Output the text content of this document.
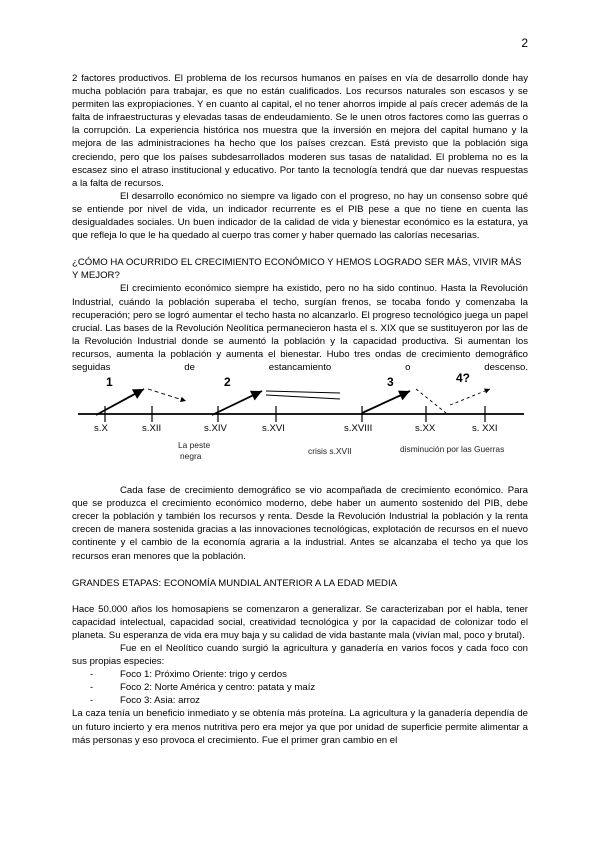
2

2 factores productivos. El problema de los recursos humanos en países en vía de desarrollo donde hay mucha población para trabajar, es que no están cualificados. Los recursos naturales son escasos y se permiten las expropiaciones. Y en cuanto al capital, el no tener ahorros impide al país crecer además de la falta de infraestructuras y elevadas tasas de endeudamiento. Se le unen otros factores como las guerras o la corrupción. La experiencia histórica nos muestra que la inversión en mejora del capital humano y la mejora de las administraciones ha hecho que los países crezcan. Está previsto que la población siga creciendo, pero que los países subdesarrollados moderen sus tasas de natalidad. El problema no es la escasez sino el atraso institucional y educativo. Por tanto la tecnología tendrá que dar nuevas respuestas a la falta de recursos.

El desarrollo económico no siempre va ligado con el progreso, no hay un consenso sobre qué se entiende por nivel de vida, un indicador recurrente es el PIB pese a que no tiene en cuenta las desigualdades sociales. Un buen indicador de la calidad de vida y bienestar económico es la estatura, ya que refleja lo que le ha quedado al cuerpo tras comer y haber quemado las calorías necesarias.

¿CÓMO HA OCURRIDO EL CRECIMIENTO ECONÓMICO Y HEMOS LOGRADO SER MÁS, VIVIR MÁS Y MEJOR?

El crecimiento económico siempre ha existido, pero no ha sido continuo. Hasta la Revolución Industrial, cuándo la población superaba el techo, surgían frenos, se tocaba fondo y comenzaba la recuperación; pero se logró aumentar el techo hasta no alcanzarlo. El progreso tecnológico juega un papel crucial. Las bases de la Revolución Neolítica permanecieron hasta el s. XIX que se sustituyeron por las de la Revolución Industrial donde se aumentó la población y la capacidad productiva. Si aumentan los recursos, aumenta la población y aumenta el bienestar. Hubo tres ondas de crecimiento demográfico seguidas de estancamiento o descenso.

1	2	3	4?
s.X	s.XII	s.XIV	s.XVI	s.XVIII	s.XX	s. XXI
La peste
negra	crisis s.XVII	disminución por las Guerras

Cada fase de crecimiento demográfico se vio acompañada de crecimiento económico. Para que se produzca el crecimiento económico moderno, debe haber un aumento sostenido del PIB, debe crecer la población y también los recursos y renta. Desde la Revolución Industrial la población y la renta crecen de manera sostenida gracias a las innovaciones tecnológicas, explotación de recursos en el nuevo continente y el cambio de la economía agraria a la industrial. Antes se alcanzaba el techo ya que los recursos eran menores que la población.

GRANDES ETAPAS: ECONOMÍA MUNDIAL ANTERIOR A LA EDAD MEDIA

Hace 50.000 años los homosapiens se comenzaron a generalizar. Se caracterizaban por el habla, tener capacidad intelectual, capacidad social, creatividad tecnológica y por la capacidad de colonizar todo el planeta. Su esperanza de vida era muy baja y su calidad de vida bastante mala (vivían mal, poco y brutal).

Fue en el Neolítico cuando surgió la agricultura y ganadería en varios focos y cada foco con sus propias especies:

- Foco 1: Próximo Oriente: trigo y cerdos
- Foco 2: Norte América y centro: patata y maíz
- Foco 3: Asia: arroz

La caza tenía un beneficio inmediato y se obtenía más proteína. La agricultura y la ganadería dependía de un futuro incierto y era menos nutritiva pero era mejor ya que por unidad de superficie permite alimentar a más personas y eso provoca el crecimiento. Fue el primer gran cambio en el
